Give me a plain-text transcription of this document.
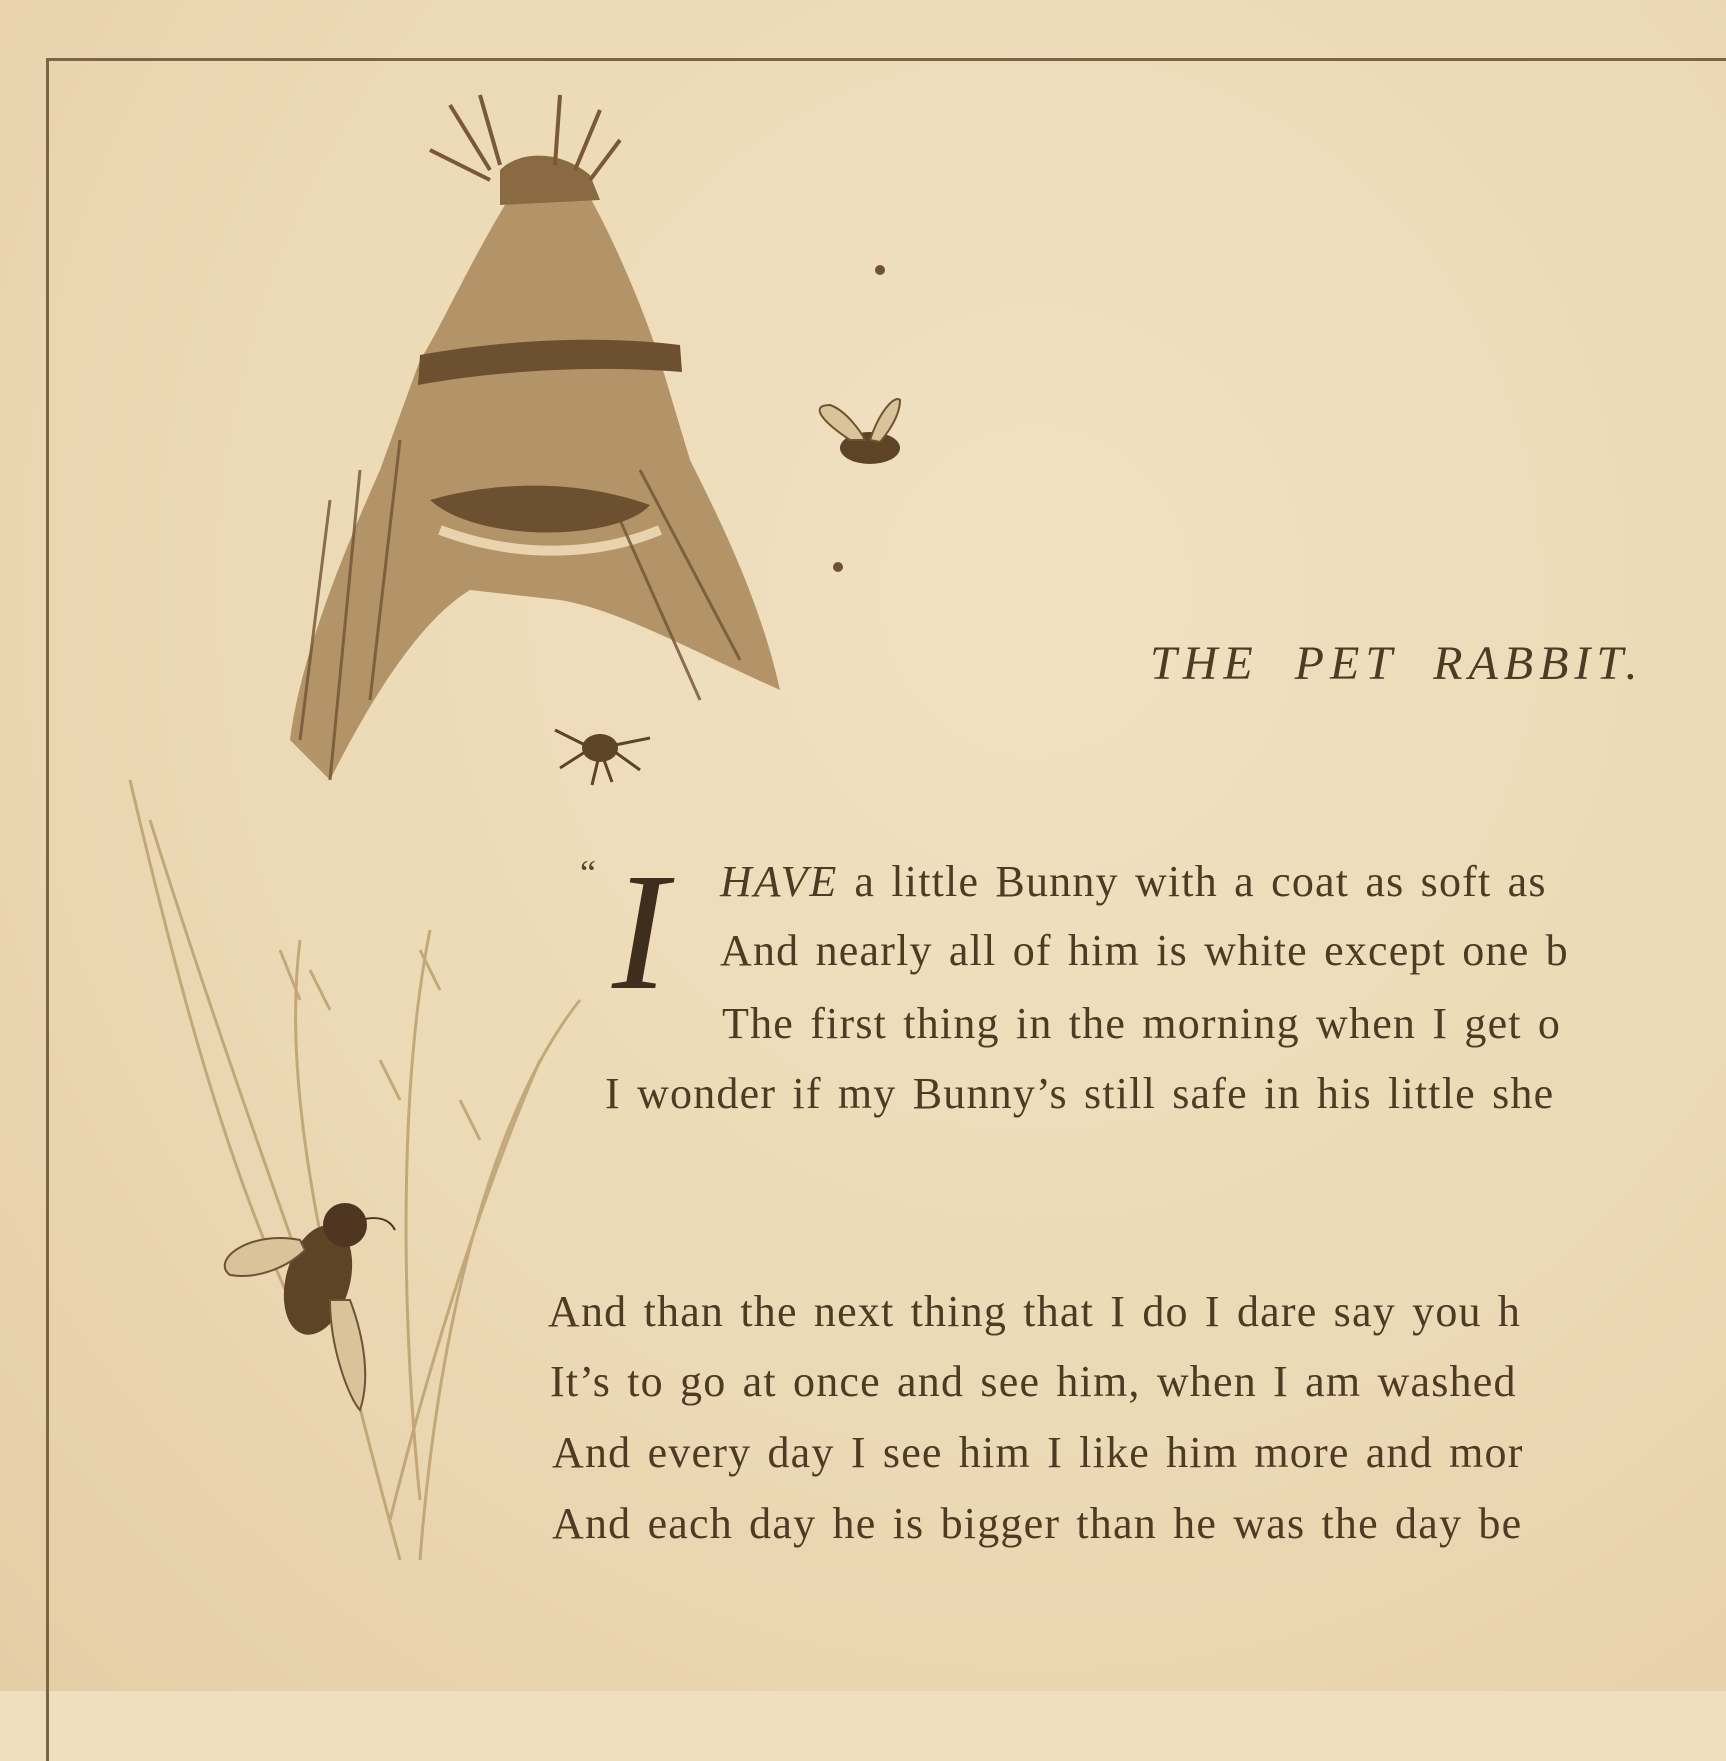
THE PET RABBIT.
“ I HAVE a little Bunny with a coat as soft as
And nearly all of him is white except one b
The first thing in the morning when I get o
I wonder if my Bunny’s still safe in his little she
And than the next thing that I do I dare say you h
It’s to go at once and see him, when I am washed
And every day I see him I like him more and mor
And each day he is bigger than he was the day be
